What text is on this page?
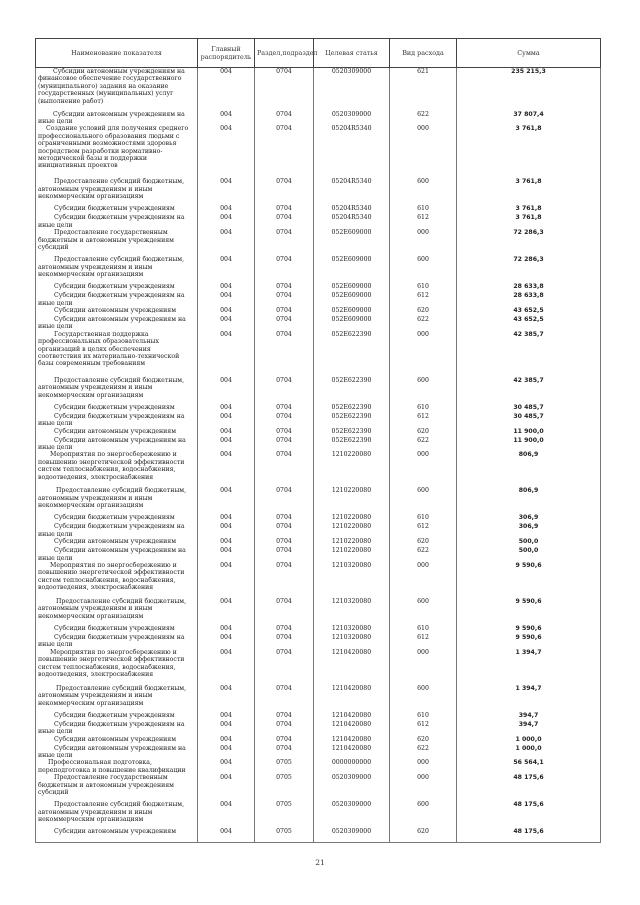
Наименование показателя	Главный распорядитель	Раздел,подраздел	Целевая статья	Вид расхода	Сумма
Субсидии автономным учреждениям на финансовое обеспечение государственного (муниципального) задания на оказание государственных (муниципальных) услуг (выполнение работ)	004	0704	0520309000	621	235 215,3
Субсидии автономным учреждениям на иные цели	004	0704	0520309000	622	37 807,4
Создание условий для получения среднего профессионального образования людьми с ограниченными возможностями здоровья посредством разработки нормативно-методической базы и поддержки инициативных проектов	004	0704	05204R5340	000	3 761,8
Предоставление субсидий бюджетным, автономным учреждениям и иным некоммерческим организациям	004	0704	05204R5340	600	3 761,8
Субсидии бюджетным учреждениям	004	0704	05204R5340	610	3 761,8
Субсидии бюджетным учреждениям на иные цели	004	0704	05204R5340	612	3 761,8
Предоставление государственным бюджетным и автономным учреждениям субсидий	004	0704	052E609000	000	72 286,3
Предоставление субсидий бюджетным, автономным учреждениям и иным некоммерческим организациям	004	0704	052E609000	600	72 286,3
Субсидии бюджетным учреждениям	004	0704	052E609000	610	28 633,8
Субсидии бюджетным учреждениям на иные цели	004	0704	052E609000	612	28 633,8
Субсидии автономным учреждениям	004	0704	052E609000	620	43 652,5
Субсидии автономным учреждениям на иные цели	004	0704	052E609000	622	43 652,5
Государственная поддержка профессиональных образовательных организаций в целях обеспечения соответствия их материально-технической базы современным требованиям	004	0704	052E622390	000	42 385,7
Предоставление субсидий бюджетным, автономным учреждениям и иным некоммерческим организациям	004	0704	052E622390	600	42 385,7
Субсидии бюджетным учреждениям	004	0704	052E622390	610	30 485,7
Субсидии бюджетным учреждениям на иные цели	004	0704	052E622390	612	30 485,7
Субсидии автономным учреждениям	004	0704	052E622390	620	11 900,0
Субсидии автономным учреждениям на иные цели	004	0704	052E622390	622	11 900,0
Мероприятия по энергосбережению и повышению энергетической эффективности систем теплоснабжения, водоснабжения, водоотведения, электроснабжения	004	0704	1210220080	000	806,9
Предоставление субсидий бюджетным, автономным учреждениям и иным некоммерческим организациям	004	0704	1210220080	600	806,9
Субсидии бюджетным учреждениям	004	0704	1210220080	610	306,9
Субсидии бюджетным учреждениям на иные цели	004	0704	1210220080	612	306,9
Субсидии автономным учреждениям	004	0704	1210220080	620	500,0
Субсидии автономным учреждениям на иные цели	004	0704	1210220080	622	500,0
Мероприятия по энергосбережению и повышению энергетической эффективности систем теплоснабжения, водоснабжения, водоотведения, электроснабжения	004	0704	1210320080	000	9 590,6
Предоставление субсидий бюджетным, автономным учреждениям и иным некоммерческим организациям	004	0704	1210320080	600	9 590,6
Субсидии бюджетным учреждениям	004	0704	1210320080	610	9 590,6
Субсидии бюджетным учреждениям на иные цели	004	0704	1210320080	612	9 590,6
Мероприятия по энергосбережению и повышению энергетической эффективности систем теплоснабжения, водоснабжения, водоотведения, электроснабжения	004	0704	1210420080	000	1 394,7
Предоставление субсидий бюджетным, автономным учреждениям и иным некоммерческим организациям	004	0704	1210420080	600	1 394,7
Субсидии бюджетным учреждениям	004	0704	1210420080	610	394,7
Субсидии бюджетным учреждениям на иные цели	004	0704	1210420080	612	394,7
Субсидии автономным учреждениям	004	0704	1210420080	620	1 000,0
Субсидии автономным учреждениям на иные цели	004	0704	1210420080	622	1 000,0
Профессиональная подготовка, переподготовка и повышение квалификации	004	0705	0000000000	000	56 564,1
Предоставление государственным бюджетным и автономным учреждениям субсидий	004	0705	0520309000	000	48 175,6
Предоставление субсидий бюджетным, автономным учреждениям и иным некоммерческим организациям	004	0705	0520309000	600	48 175,6
Субсидии автономным учреждениям	004	0705	0520309000	620	48 175,6
21
